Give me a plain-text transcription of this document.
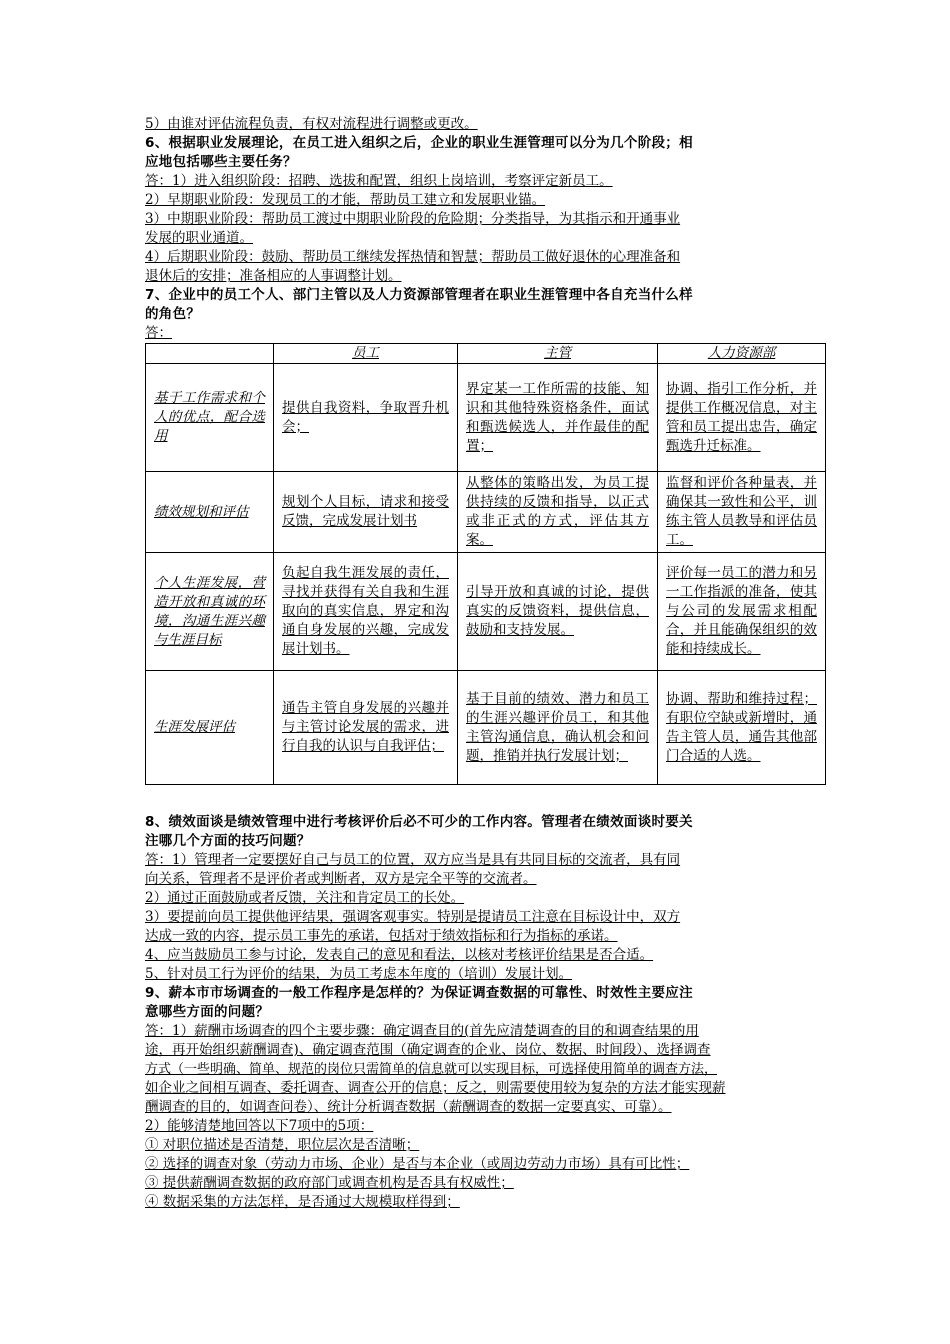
5）由谁对评估流程负责，有权对流程进行调整或更改。
6、根据职业发展理论，在员工进入组织之后，企业的职业生涯管理可以分为几个阶段；相
应地包括哪些主要任务？
答：1）进入组织阶段：招聘、选拔和配置，组织上岗培训，考察评定新员工。
2）早期职业阶段：发现员工的才能，帮助员工建立和发展职业锚。
3）中期职业阶段：帮助员工渡过中期职业阶段的危险期；分类指导，为其指示和开通事业
发展的职业通道。
4）后期职业阶段：鼓励、帮助员工继续发挥热情和智慧；帮助员工做好退休的心理准备和
退休后的安排；准备相应的人事调整计划。
7、企业中的员工个人、部门主管以及人力资源部管理者在职业生涯管理中各自充当什么样
的角色？
答：
	员工	主管	人力资源部
基于工作需求和个人的优点，配合选用	提供自我资料，争取晋升机会；	界定某一工作所需的技能、知识和其他特殊资格条件，面试和甄选候选人，并作最佳的配置；	协调、指引工作分析，并提供工作概况信息，对主管和员工提出忠告，确定甄选升迁标准。
绩效规划和评估	规划个人目标，请求和接受反馈，完成发展计划书	从整体的策略出发，为员工提供持续的反馈和指导，以正式或非正式的方式，评估其方案。	监督和评价各种量表，并确保其一致性和公平，训练主管人员教导和评估员工。
个人生涯发展，营造开放和真诚的环境，沟通生涯兴趣与生涯目标	负起自我生涯发展的责任，寻找并获得有关自我和生涯取向的真实信息，界定和沟通自身发展的兴趣，完成发展计划书。	引导开放和真诚的讨论，提供真实的反馈资料，提供信息，鼓励和支持发展。	评价每一员工的潜力和另一工作指派的准备，使其与公司的发展需求相配合，并且能确保组织的效能和持续成长。
生涯发展评估	通告主管自身发展的兴趣并与主管讨论发展的需求，进行自我的认识与自我评估；	基于目前的绩效、潜力和员工的生涯兴趣评价员工，和其他主管沟通信息，确认机会和问题，推销并执行发展计划；	协调、帮助和维持过程；有职位空缺或新增时，通告主管人员，通告其他部门合适的人选。
8、绩效面谈是绩效管理中进行考核评价后必不可少的工作内容。管理者在绩效面谈时要关
注哪几个方面的技巧问题？
答：1）管理者一定要摆好自己与员工的位置，双方应当是具有共同目标的交流者，具有同
向关系，管理者不是评价者或判断者，双方是完全平等的交流者。
2）通过正面鼓励或者反馈，关注和肯定员工的长处。
3）要提前向员工提供他评结果，强调客观事实。特别是提请员工注意在目标设计中，双方
达成一致的内容，提示员工事先的承诺，包括对于绩效指标和行为指标的承诺。
4、应当鼓励员工参与讨论，发表自己的意见和看法，以核对考核评价结果是否合适。
5、针对员工行为评价的结果，为员工考虑本年度的（培训）发展计划。
9、薪本市市场调查的一般工作程序是怎样的？为保证调查数据的可靠性、时效性主要应注
意哪些方面的问题？
答：1）薪酬市场调查的四个主要步骤：确定调查目的(首先应清楚调查的目的和调查结果的用
途，再开始组织薪酬调查)、确定调查范围（确定调查的企业、岗位、数据、时间段）、选择调查
方式（一些明确、简单、规范的岗位只需简单的信息就可以实现目标，可选择使用简单的调查方法，
如企业之间相互调查、委托调查、调查公开的信息；反之，则需要使用较为复杂的方法才能实现薪
酬调查的目的，如调查问卷）、统计分析调查数据（薪酬调查的数据一定要真实、可靠）。
2）能够清楚地回答以下7项中的5项：
① 对职位描述是否清楚，职位层次是否清晰；
② 选择的调查对象（劳动力市场、企业）是否与本企业（或周边劳动力市场）具有可比性；
③ 提供薪酬调查数据的政府部门或调查机构是否具有权威性；
④ 数据采集的方法怎样，是否通过大规模取样得到；
